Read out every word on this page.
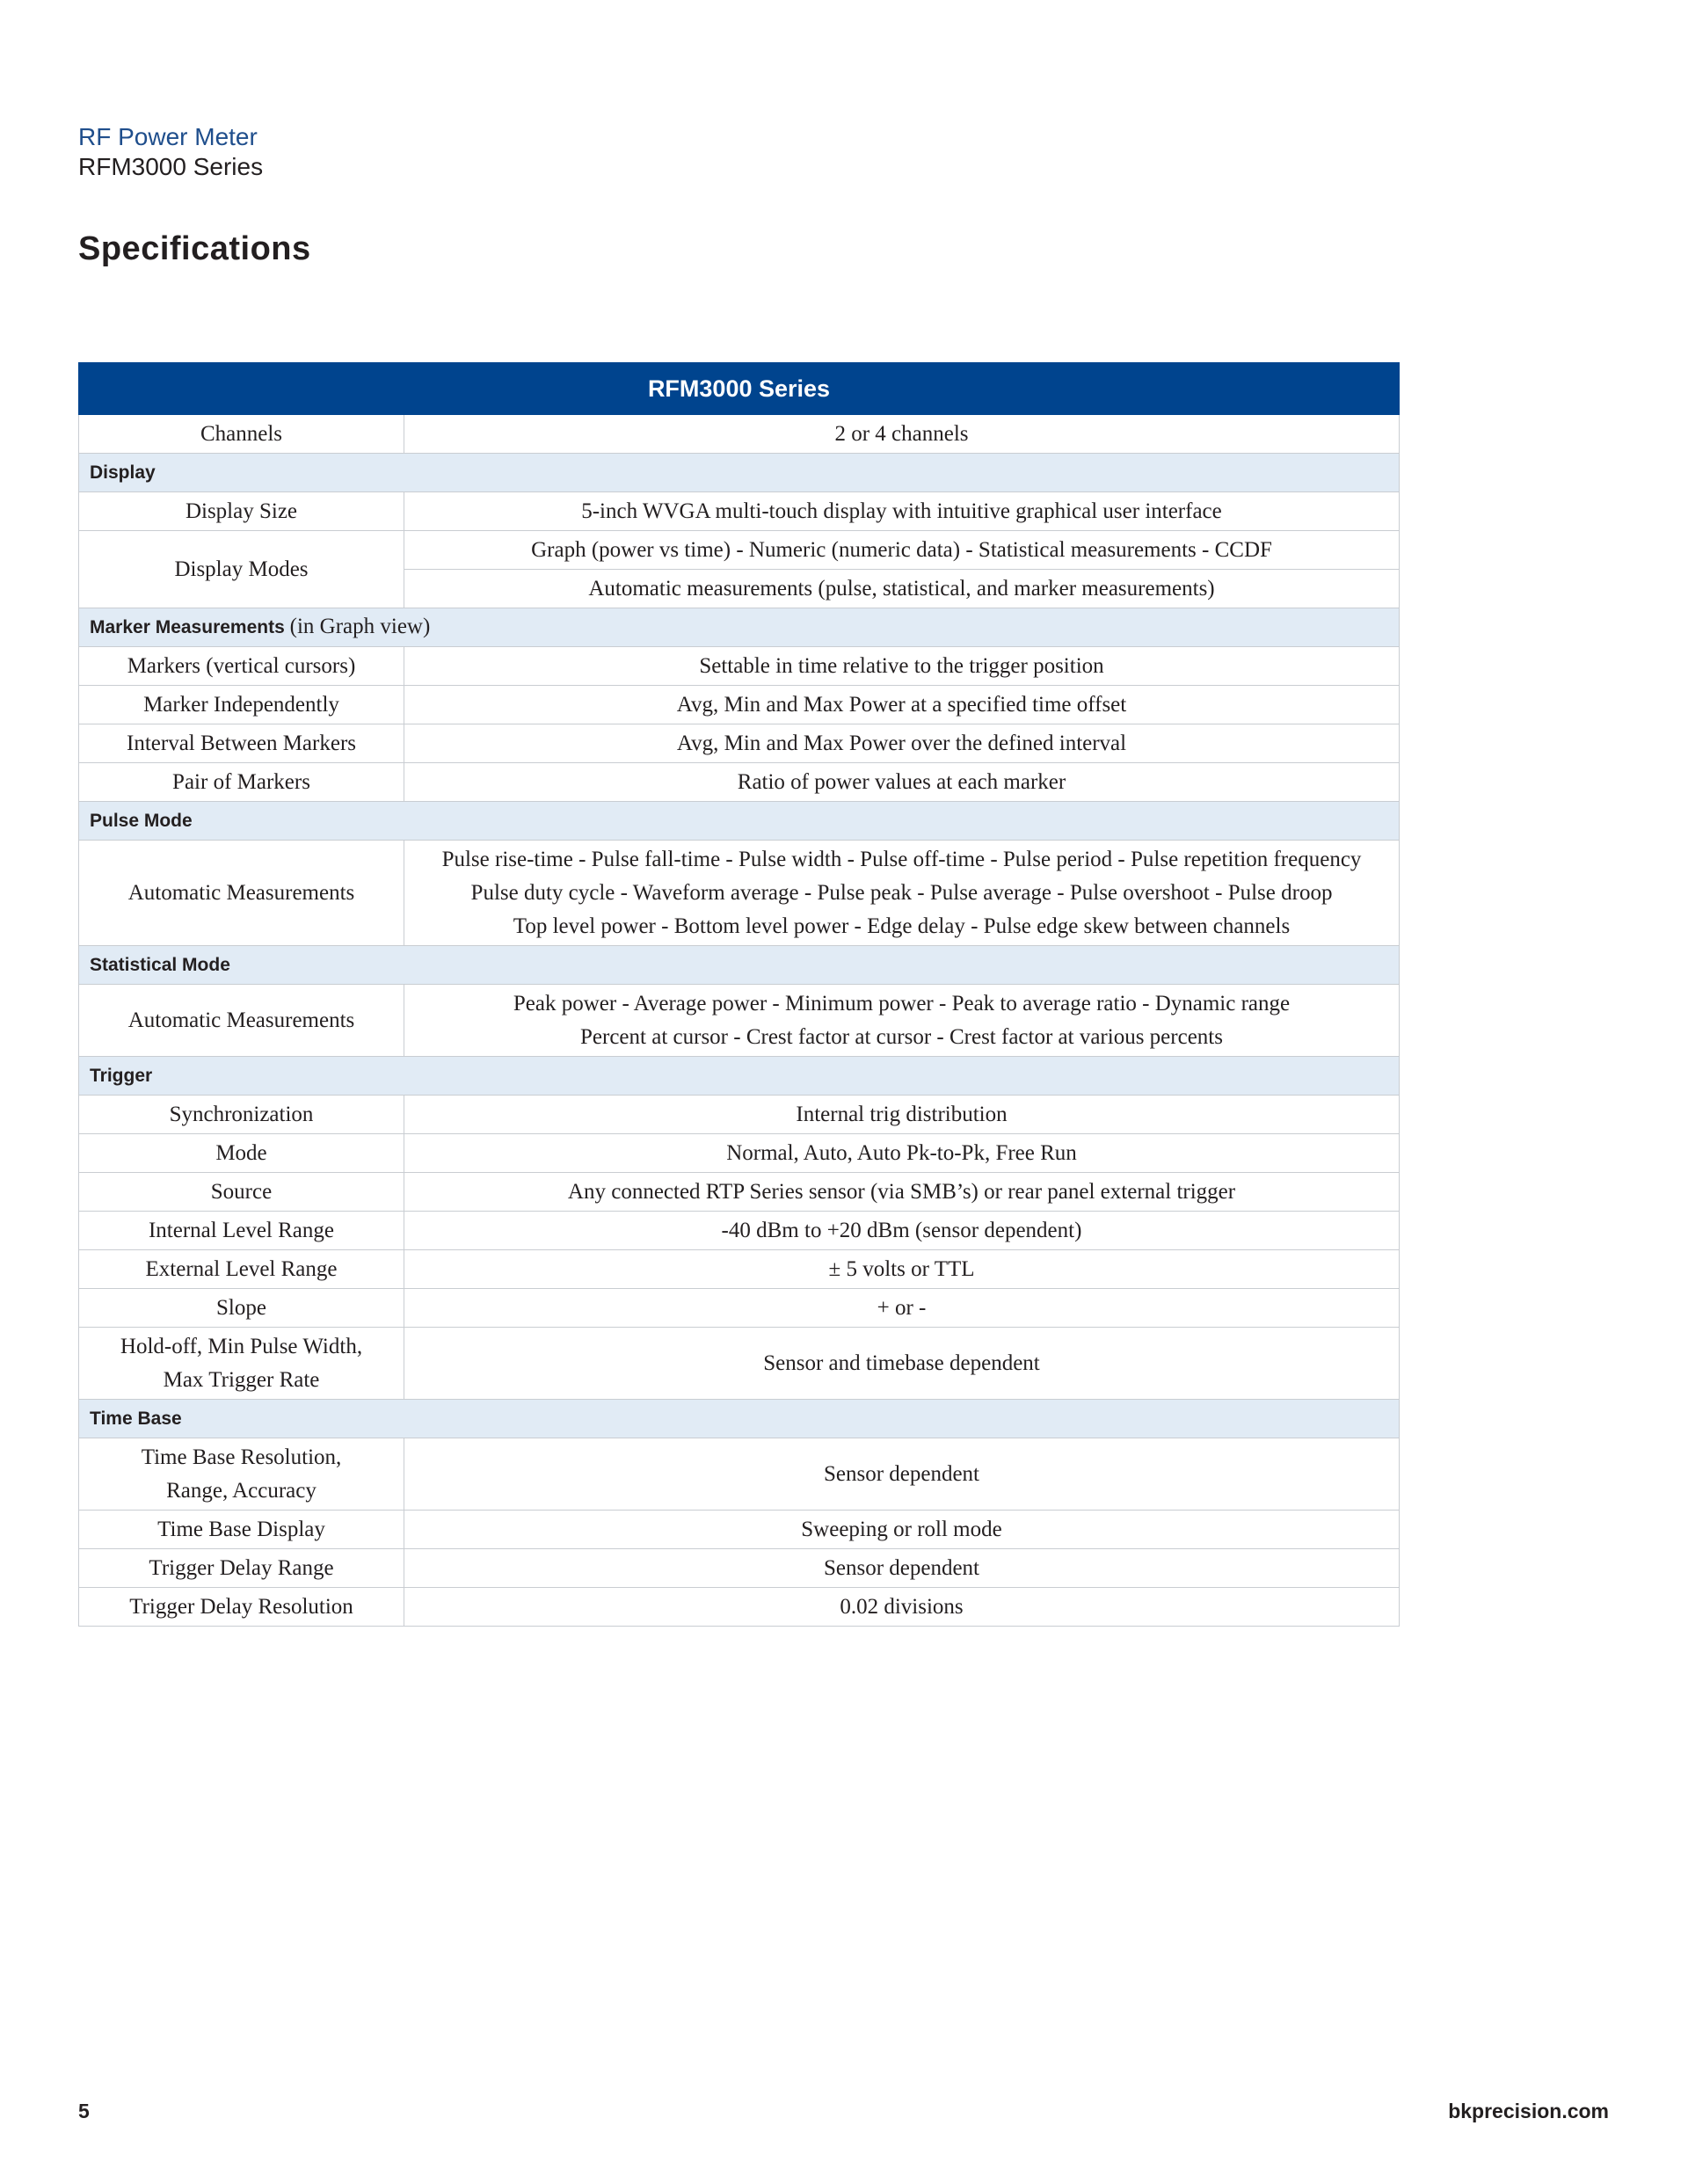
RF Power Meter
RFM3000 Series
Specifications
RFM3000 Series	
Channels	2 or 4 channels
Display	
Display Size	5-inch WVGA multi-touch display with intuitive graphical user interface
Display Modes	Graph (power vs time) - Numeric (numeric data) - Statistical measurements - CCDF
	Automatic measurements (pulse, statistical, and marker measurements)
Marker Measurements (in Graph view)	
Markers (vertical cursors)	Settable in time relative to the trigger position
Marker Independently	Avg, Min and Max Power at a specified time offset
Interval Between Markers	Avg, Min and Max Power over the defined interval
Pair of Markers	Ratio of power values at each marker
Pulse Mode	
Automatic Measurements	Pulse rise-time - Pulse fall-time - Pulse width - Pulse off-time - Pulse period - Pulse repetition frequency
Pulse duty cycle - Waveform average - Pulse peak - Pulse average - Pulse overshoot - Pulse droop
Top level power - Bottom level power - Edge delay - Pulse edge skew between channels

Statistical Mode	
Automatic Measurements	Peak power - Average power - Minimum power - Peak to average ratio - Dynamic range
Percent at cursor - Crest factor at cursor - Crest factor at various percents

Trigger	
Synchronization	Internal trig distribution
Mode	Normal, Auto, Auto Pk-to-Pk, Free Run
Source	Any connected RTP Series sensor (via SMB’s) or rear panel external trigger
Internal Level Range	-40 dBm to +20 dBm (sensor dependent)
External Level Range	± 5 volts or TTL
Slope	+ or -

Hold-off, Min Pulse Width,
Max Trigger Rate	Sensor and timebase dependent
Time Base	

Time Base Resolution,
Range, Accuracy	Sensor dependent
Time Base Display	Sweeping or roll mode
Trigger Delay Range	Sensor dependent
Trigger Delay Resolution	0.02 divisions
5	bkprecision.com
